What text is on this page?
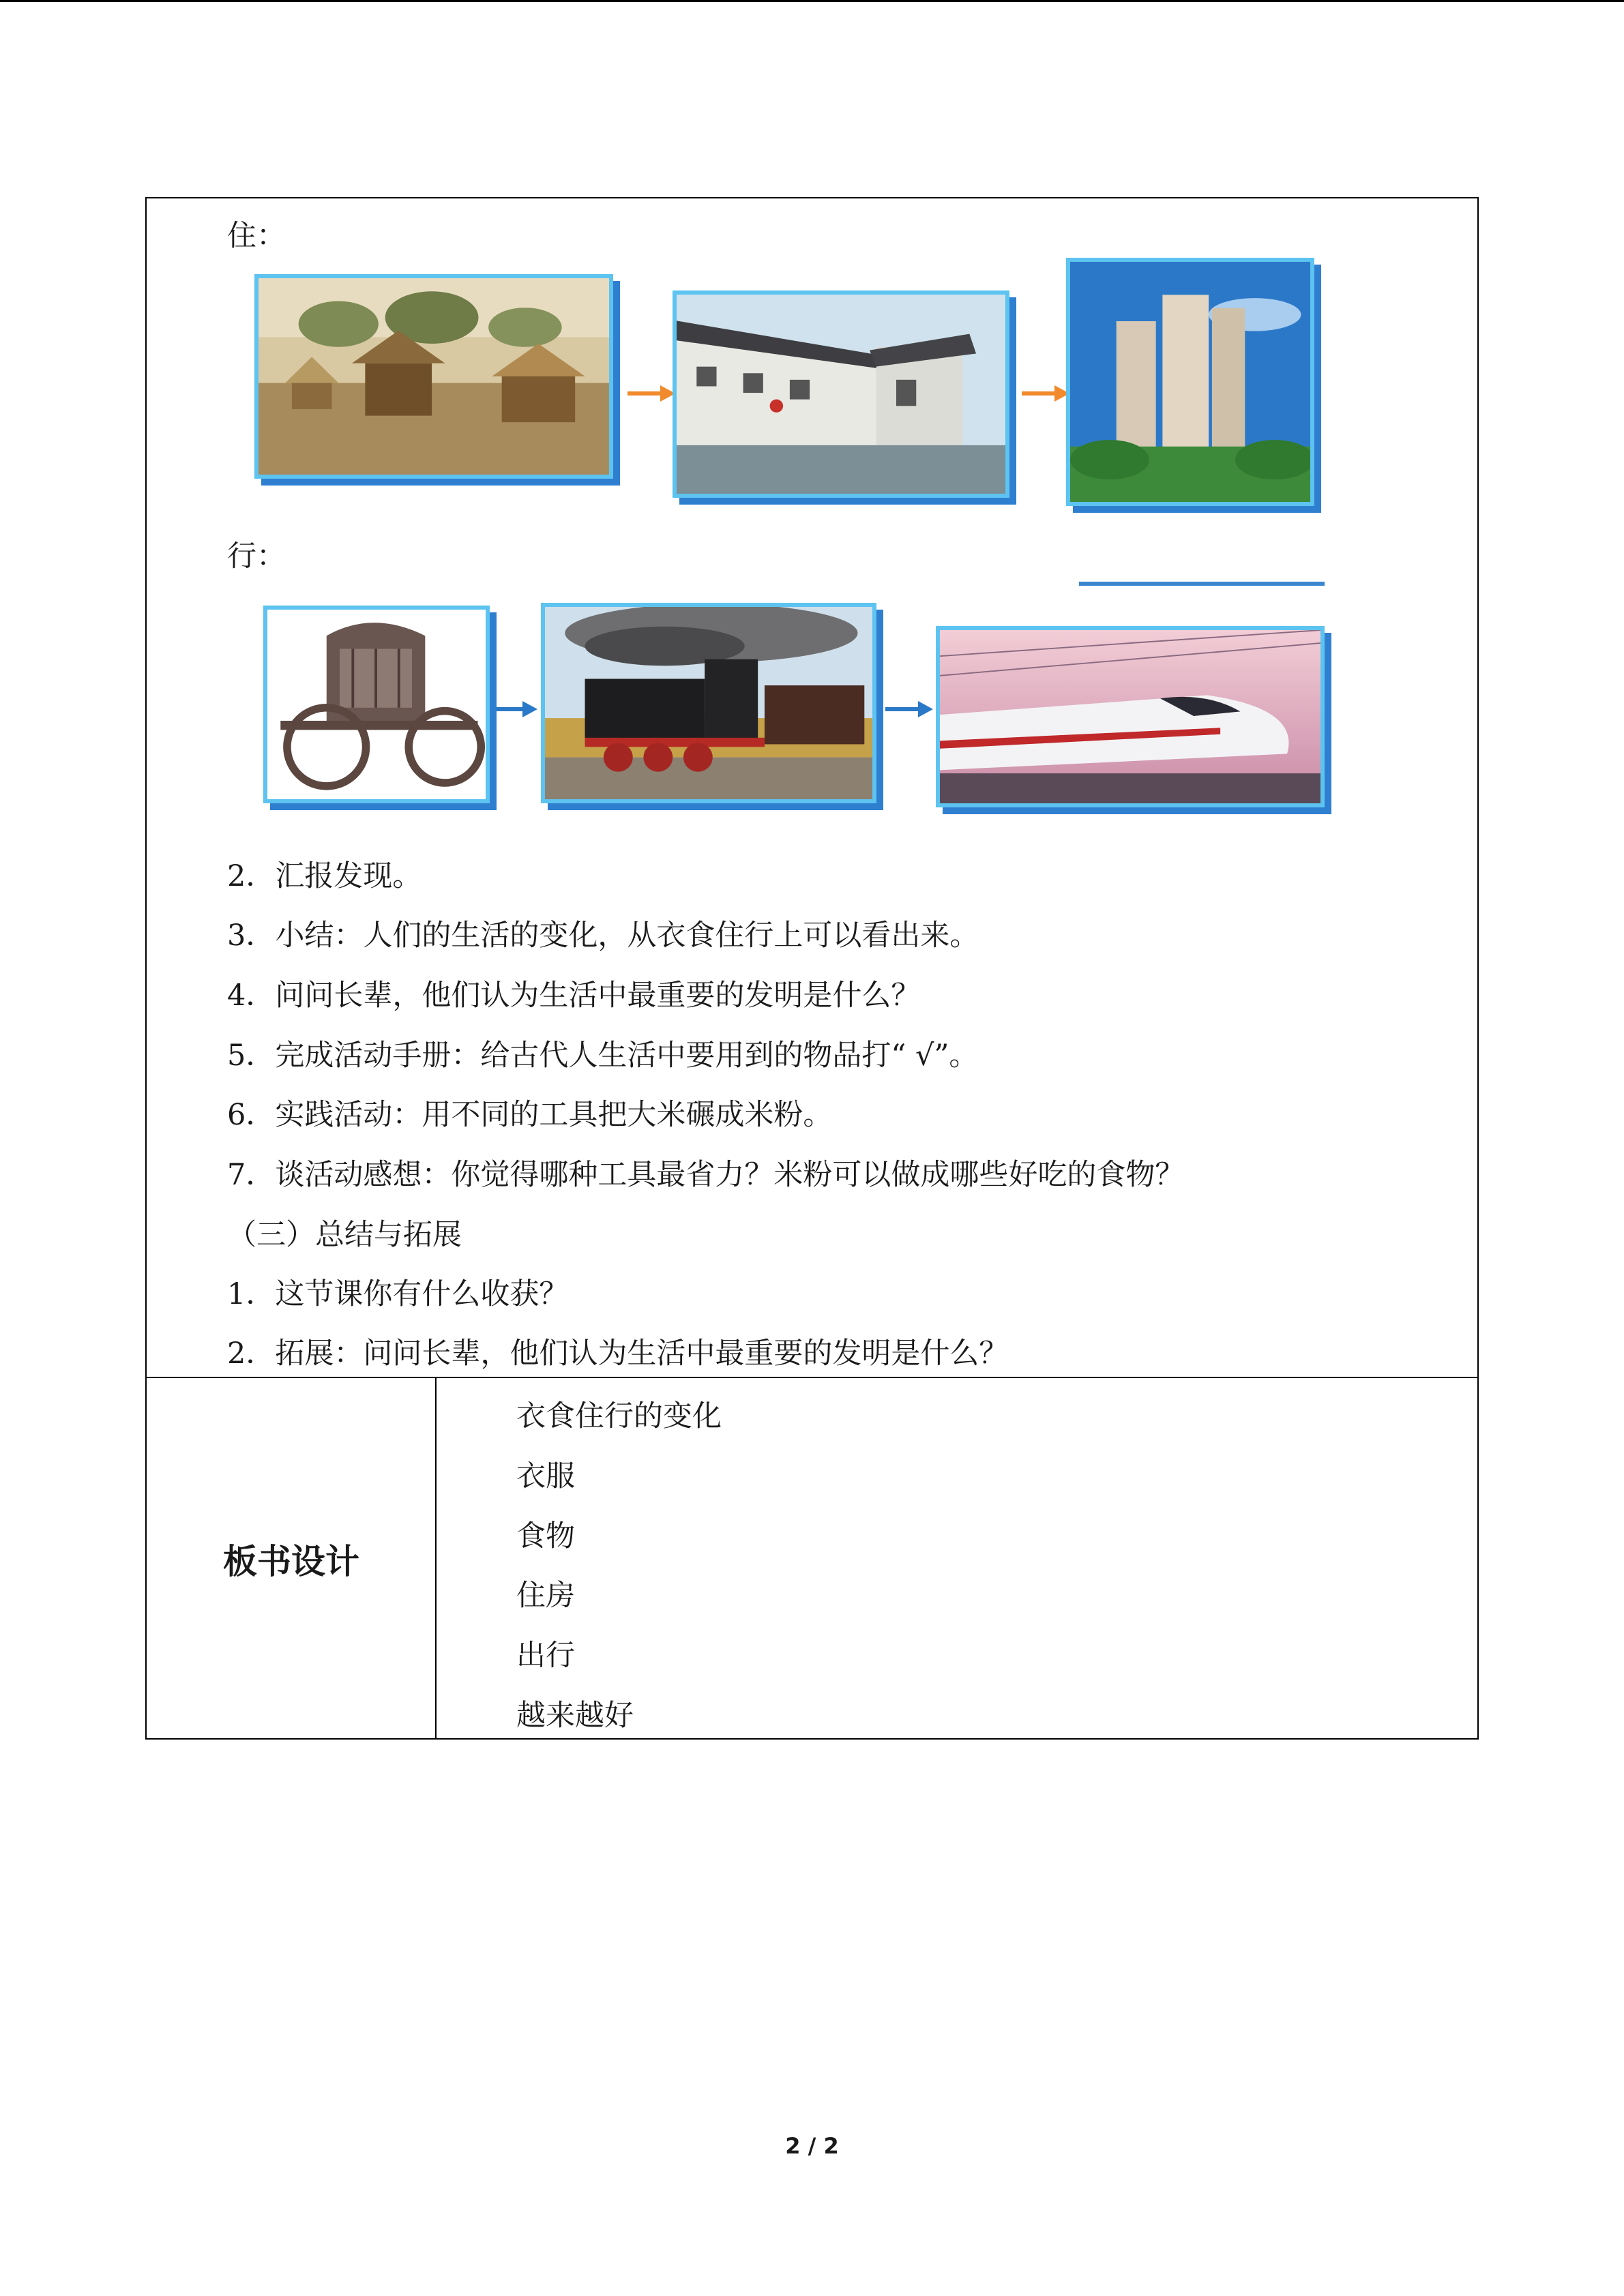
住：
行：
2．汇报发现。
3．小结：人们的生活的变化，从衣食住行上可以看出来。
4．问问长辈，他们认为生活中最重要的发明是什么？
5．完成活动手册：给古代人生活中要用到的物品打“ √”。
6．实践活动：用不同的工具把大米碾成米粉。
7．谈活动感想：你觉得哪种工具最省力？米粉可以做成哪些好吃的食物？
（三）总结与拓展
1．这节课你有什么收获？
2．拓展：问问长辈，他们认为生活中最重要的发明是什么？
板书设计
衣食住行的变化
衣服
食物
住房
出行
越来越好
2 / 2
